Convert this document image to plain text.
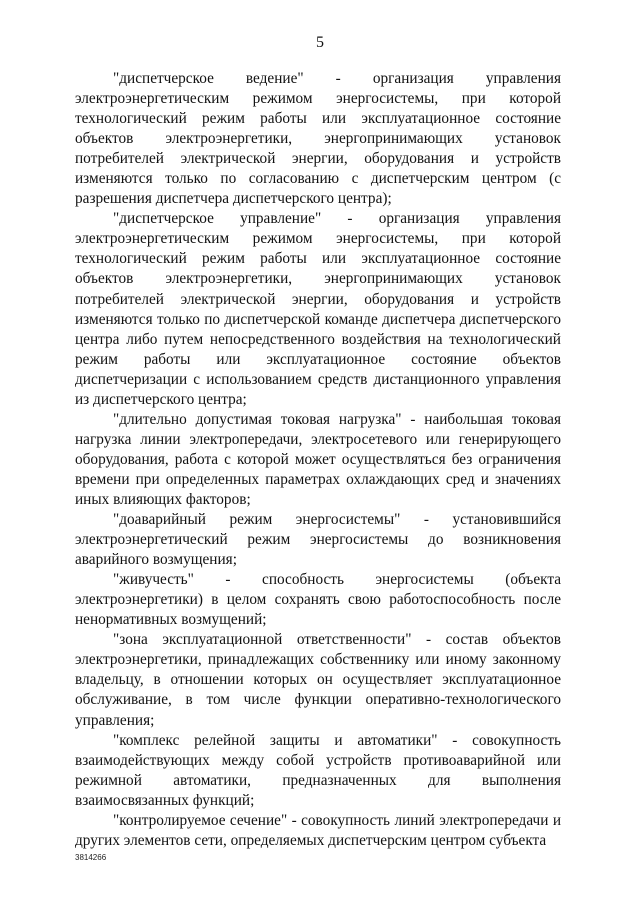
5

"диспетчерское ведение" - организация управления электроэнергетическим режимом энергосистемы, при которой технологический режим работы или эксплуатационное состояние объектов электроэнергетики, энергопринимающих установок потребителей электрической энергии, оборудования и устройств изменяются только по согласованию с диспетчерским центром (с разрешения диспетчера диспетчерского центра);

"диспетчерское управление" - организация управления электроэнергетическим режимом энергосистемы, при которой технологический режим работы или эксплуатационное состояние объектов электроэнергетики, энергопринимающих установок потребителей электрической энергии, оборудования и устройств изменяются только по диспетчерской команде диспетчера диспетчерского центра либо путем непосредственного воздействия на технологический режим работы или эксплуатационное состояние объектов диспетчеризации с использованием средств дистанционного управления из диспетчерского центра;

"длительно допустимая токовая нагрузка" - наибольшая токовая нагрузка линии электропередачи, электросетевого или генерирующего оборудования, работа с которой может осуществляться без ограничения времени при определенных параметрах охлаждающих сред и значениях иных влияющих факторов;

"доаварийный режим энергосистемы" - установившийся электроэнергетический режим энергосистемы до возникновения аварийного возмущения;

"живучесть" - способность энергосистемы (объекта электроэнергетики) в целом сохранять свою работоспособность после ненормативных возмущений;

"зона эксплуатационной ответственности" - состав объектов электроэнергетики, принадлежащих собственнику или иному законному владельцу, в отношении которых он осуществляет эксплуатационное обслуживание, в том числе функции оперативно-технологического управления;

"комплекс релейной защиты и автоматики" - совокупность взаимодействующих между собой устройств противоаварийной или режимной автоматики, предназначенных для выполнения взаимосвязанных функций;

"контролируемое сечение" - совокупность линий электропередачи и других элементов сети, определяемых диспетчерским центром субъекта

3814266
